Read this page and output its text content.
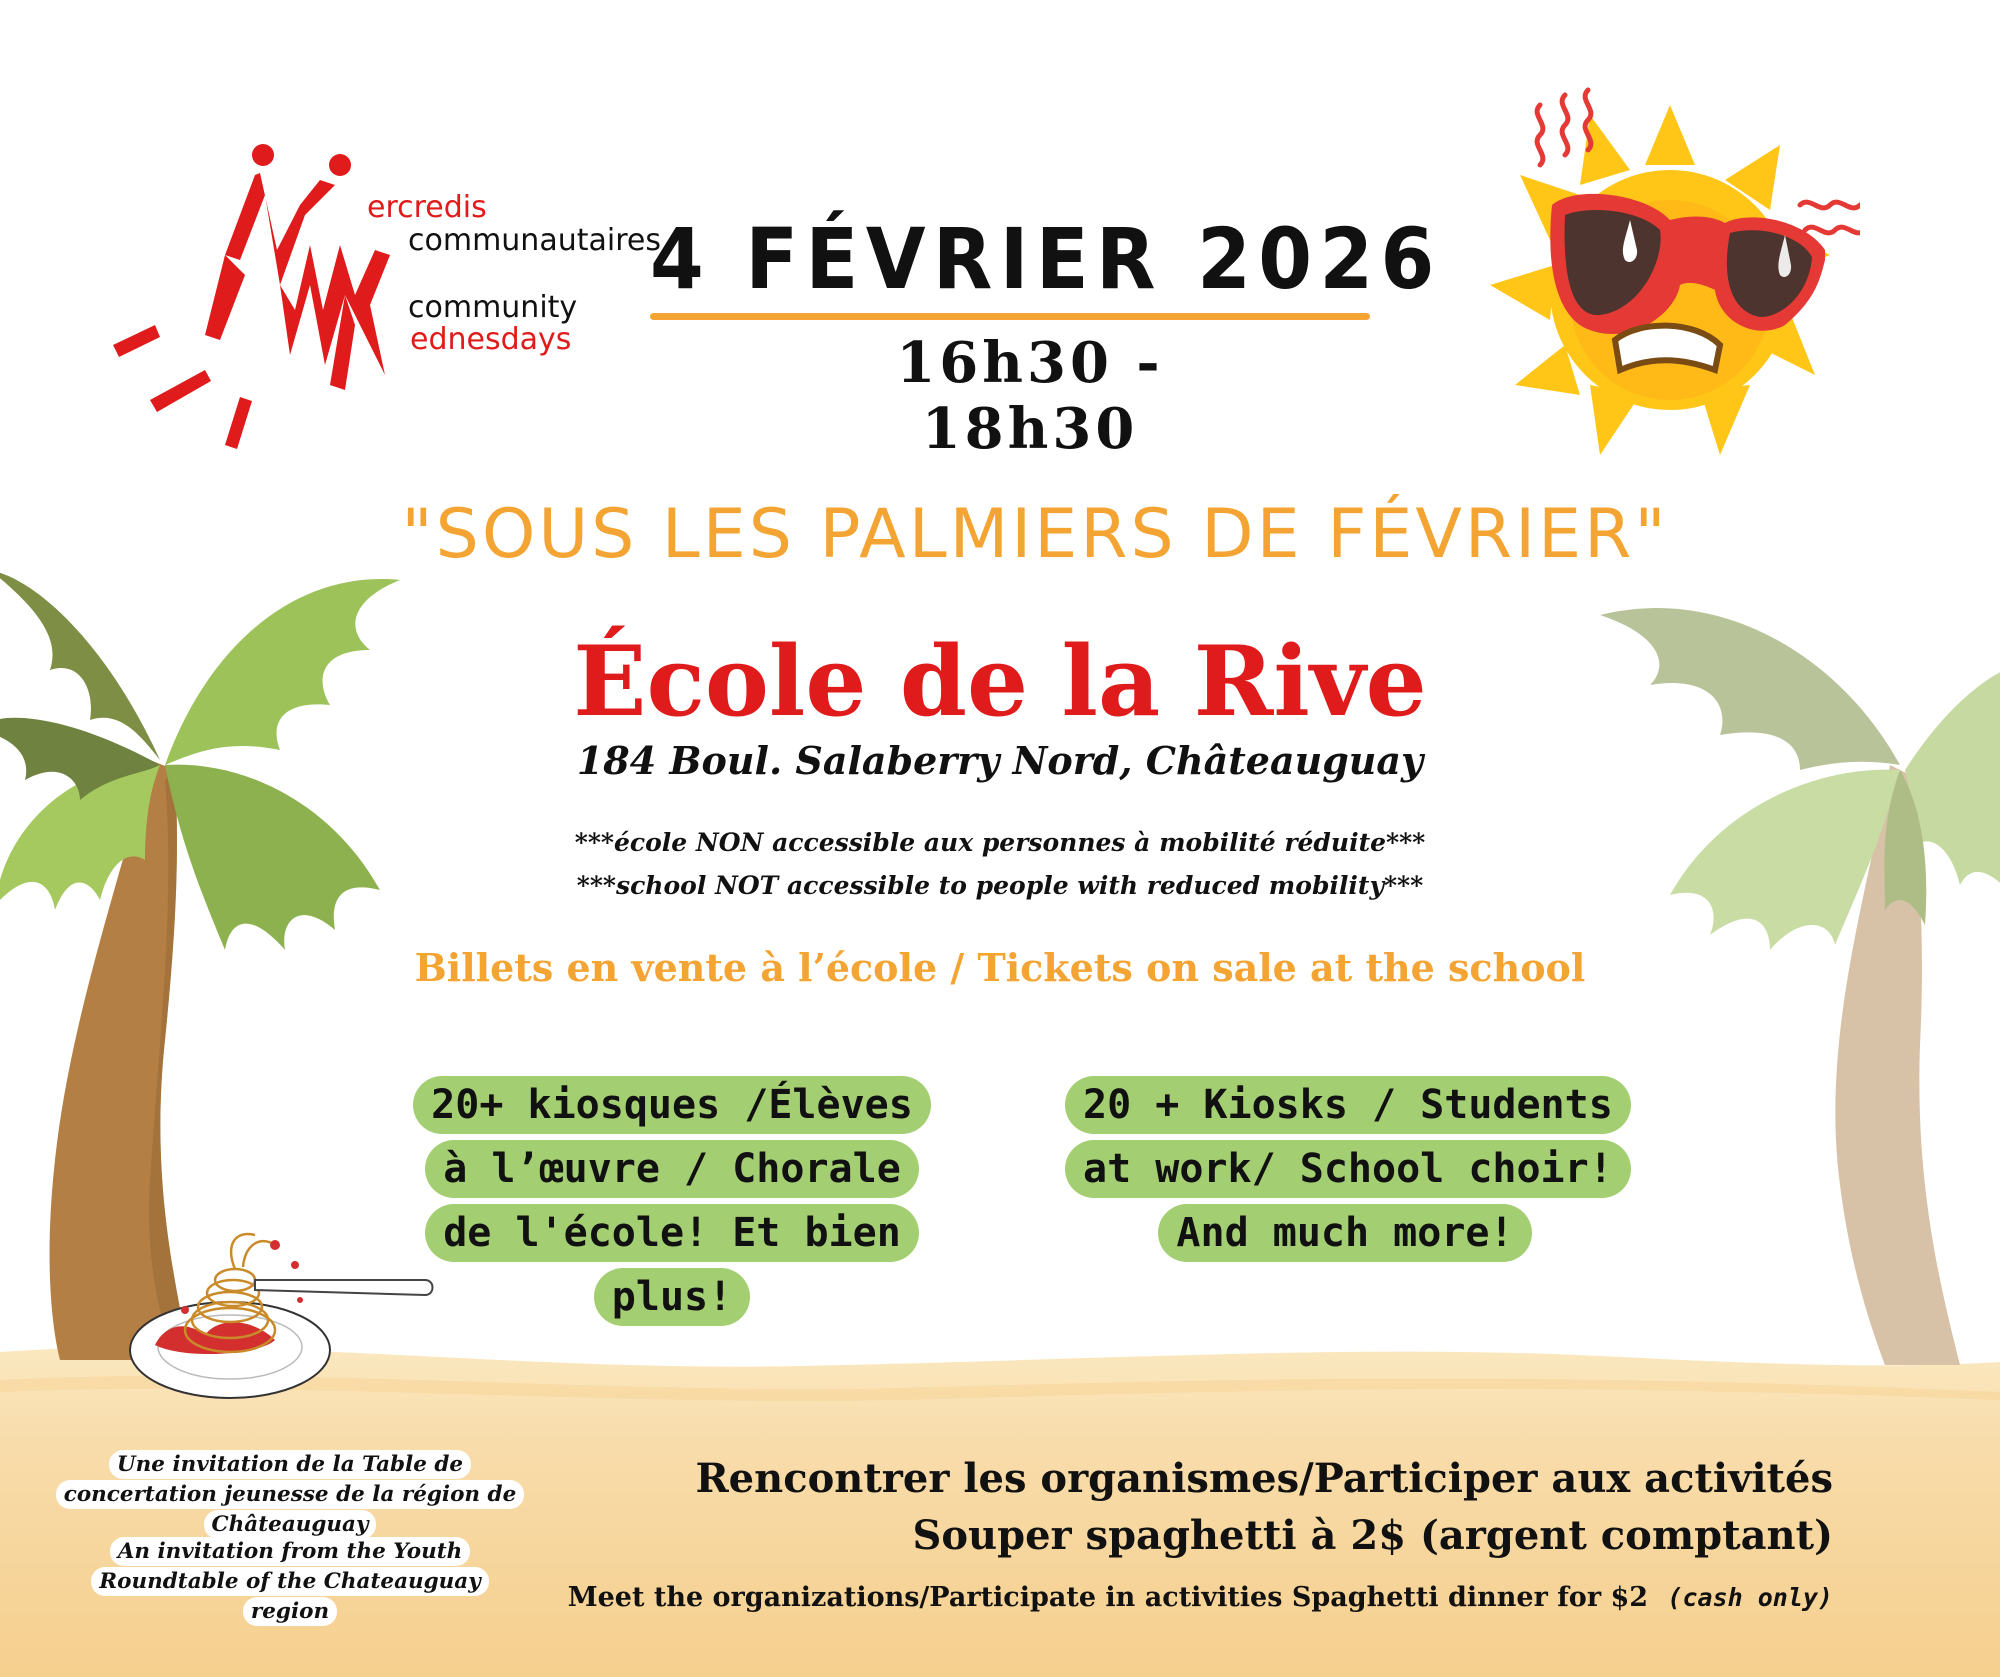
ercredis
communautaires
community
ednesdays
4 FÉVRIER 2026
16h30 - 18h30
"SOUS LES PALMIERS DE FÉVRIER"
École de la Rive
184 Boul. Salaberry Nord, Châteauguay
***école NON accessible aux personnes à mobilité réduite***
***school NOT accessible to people with reduced mobility***
Billets en vente à l’école / Tickets on sale at the school
20+ kiosques /Élèves à l’œuvre / Chorale de l'école! Et bien plus!
20 + Kiosks / Students at work/ School choir! And much more!
Une invitation de la Table de concertation jeunesse de la région de Châteauguay
An invitation from the Youth Roundtable of the Chateauguay region
Rencontrer les organismes/Participer aux activités
Souper spaghetti à 2$ (argent comptant)
Meet the organizations/Participate in activities Spaghetti dinner for $2 (cash only)
